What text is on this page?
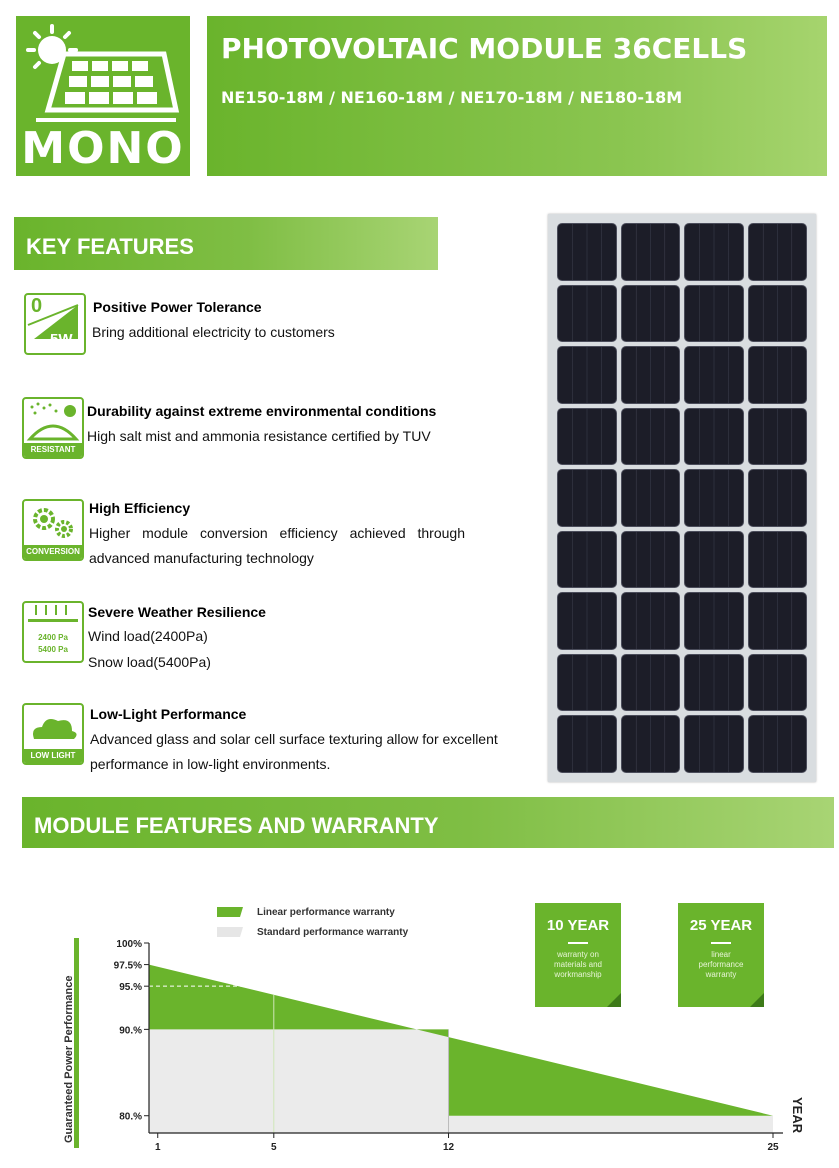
MONO
PHOTOVOLTAIC MODULE 36CELLS
NE150-18M / NE160-18M / NE170-18M / NE180-18M
KEY FEATURES
0
5W
Positive Power Tolerance
Bring additional electricity to customers
RESISTANT
Durability against extreme environmental conditions
High salt mist and ammonia resistance certified by TUV
CONVERSION
High Efficiency
Higher module conversion efficiency achieved through
advanced manufacturing technology
2400 Pa
5400 Pa
Severe Weather Resilience
Wind load(2400Pa)
Snow load(5400Pa)
LOW LIGHT
Low-Light Performance
Advanced glass and solar cell surface texturing allow for excellent
performance in low-light environments.
MODULE FEATURES AND WARRANTY
10 YEAR
warranty on
materials and
workmanship
25 YEAR
linear
performance
warranty
Guaranteed Power Performance	YEAR
Linear performance warranty
Standard performance warranty
100%
97.5%
95.%
90.%
80.%
1	5	12	25
